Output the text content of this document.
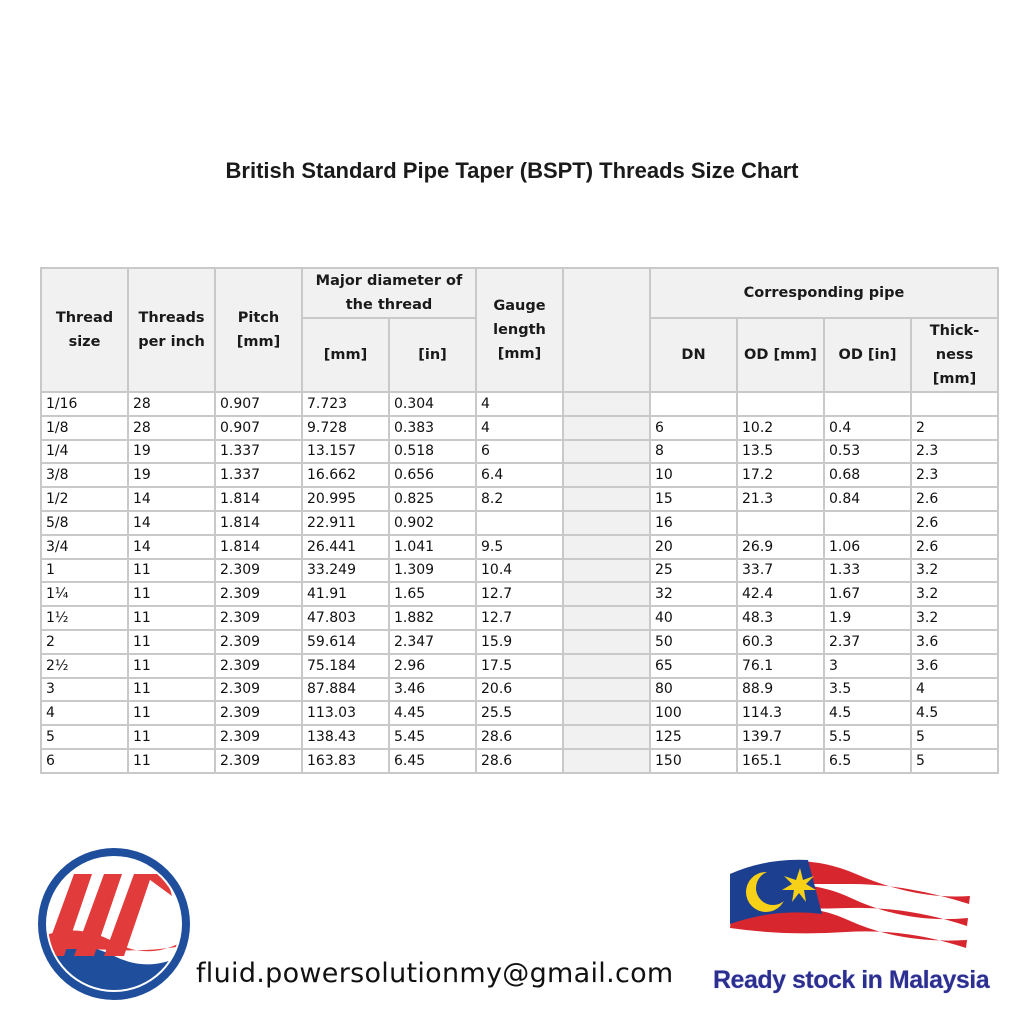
British Standard Pipe Taper (BSPT) Threads Size Chart
Thread size	Threads per inch	Pitch [mm]	Major diameter of the thread		Gauge length [mm]		Corresponding pipe			
			[mm]	[in]			DN	OD [mm]	OD [in]	Thick-ness [mm]
1/16	28	0.907	7.723	0.304	4					
1/8	28	0.907	9.728	0.383	4		6	10.2	0.4	2
1/4	19	1.337	13.157	0.518	6		8	13.5	0.53	2.3
3/8	19	1.337	16.662	0.656	6.4		10	17.2	0.68	2.3
1/2	14	1.814	20.995	0.825	8.2		15	21.3	0.84	2.6
5/8	14	1.814	22.911	0.902			16			2.6
3/4	14	1.814	26.441	1.041	9.5		20	26.9	1.06	2.6
1	11	2.309	33.249	1.309	10.4		25	33.7	1.33	3.2
1¼	11	2.309	41.91	1.65	12.7		32	42.4	1.67	3.2
1½	11	2.309	47.803	1.882	12.7		40	48.3	1.9	3.2
2	11	2.309	59.614	2.347	15.9		50	60.3	2.37	3.6
2½	11	2.309	75.184	2.96	17.5		65	76.1	3	3.6
3	11	2.309	87.884	3.46	20.6		80	88.9	3.5	4
4	11	2.309	113.03	4.45	25.5		100	114.3	4.5	4.5
5	11	2.309	138.43	5.45	28.6		125	139.7	5.5	5
6	11	2.309	163.83	6.45	28.6		150	165.1	6.5	5
fluid.powersolutionmy@gmail.com Ready stock in Malaysia
